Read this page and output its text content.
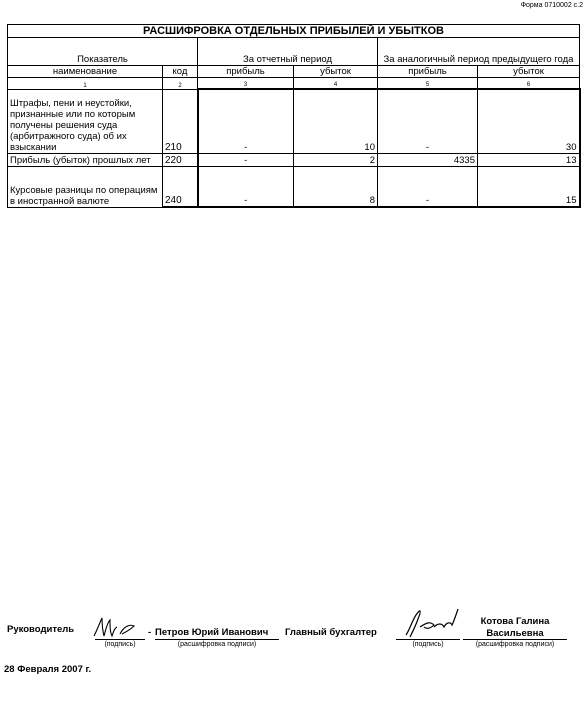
Форма 0710002 с.2
РАСШИФРОВКА ОТДЕЛЬНЫХ ПРИБЫЛЕЙ И УБЫТКОВ					
Показатель		За отчетный период		За аналогичный период предыдущего года	
наименование	код	прибыль	убыток	прибыль	убыток
1	2	3	4	5	6
Штрафы, пени и неустойки, признанные или по которым получены решения суда (арбитражного суда) об их взыскании	210	-	10	-	30
Прибыль (убыток) прошлых лет	220	-	2	4335	13
Курсовые разницы по операциям в иностранной валюте	240	-	8	-	15
Руководитель
(подпись)
- Петров Юрий Иванович
(расшифровка подписи)
Главный бухгалтер
(подпись)
Котова Галина
Васильевна
(расшифровка подписи)
28 Февраля 2007 г.
